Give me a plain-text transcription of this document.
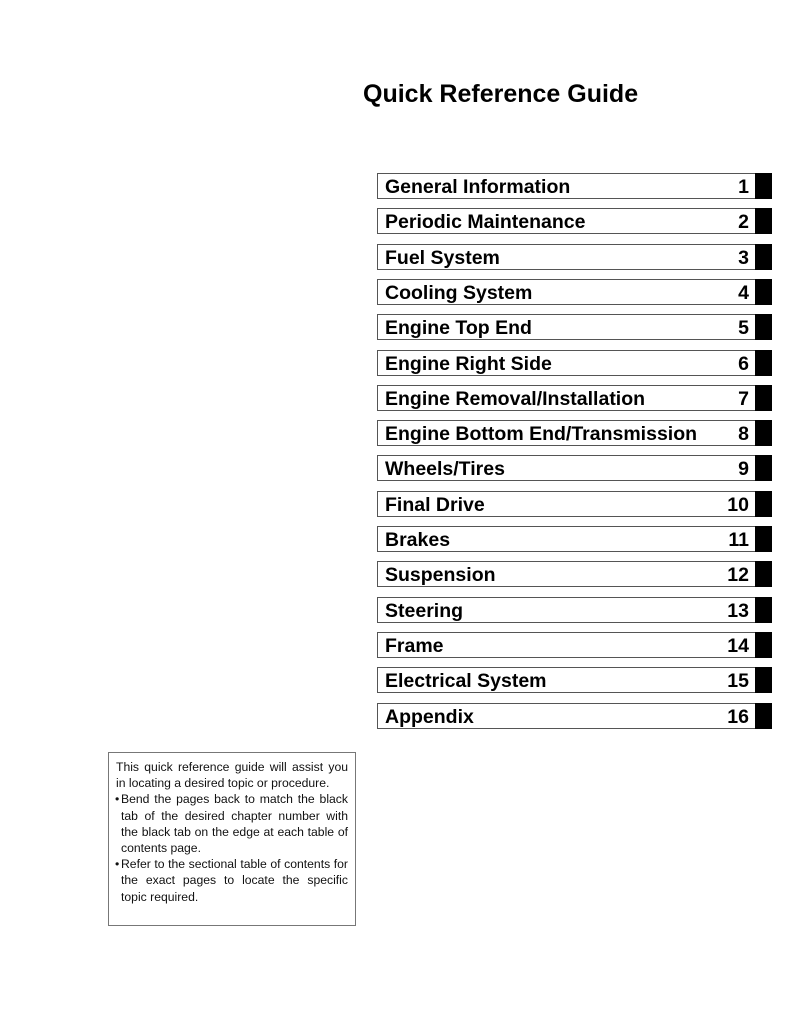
Quick Reference Guide
General Information	1
Periodic Maintenance	2
Fuel System	3
Cooling System	4
Engine Top End	5
Engine Right Side	6
Engine Removal/Installation	7
Engine Bottom End/Transmission 8
Wheels/Tires	9
Final Drive	10
Brakes	11
Suspension	12
Steering	13
Frame	14
Electrical System	15
Appendix	16
This quick reference guide will assist you in locating a desired topic or procedure.
• Bend the pages back to match the black tab of the desired chapter number with the black tab on the edge at each table of contents page.
• Refer to the sectional table of contents for the exact pages to locate the specific topic required.
